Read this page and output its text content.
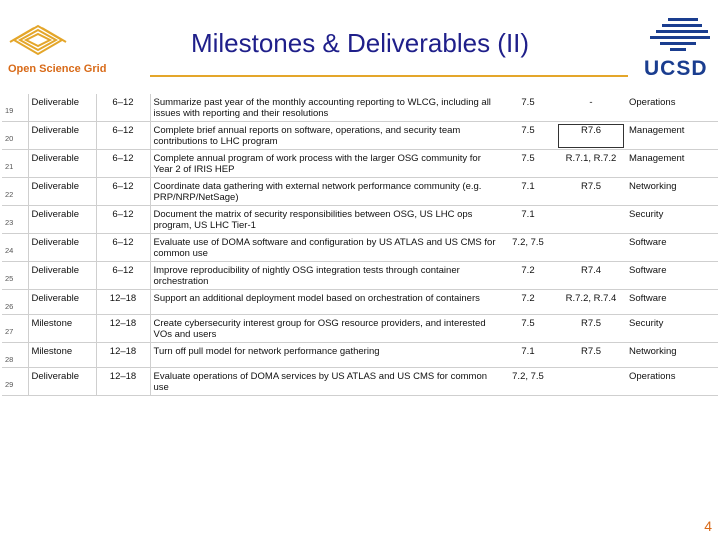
Open Science Grid
Milestones & Deliverables (II)
UCSD
19	Deliverable	6–12	Summarize past year of the monthly accounting reporting to WLCG, including all issues with reporting and their resolutions	7.5	-	Operations
20	Deliverable	6–12	Complete brief annual reports on software, operations, and security team contributions to LHC program	7.5	R7.6	Management
21	Deliverable	6–12	Complete annual program of work process with the larger OSG community for Year 2 of IRIS HEP	7.5	R.7.1, R.7.2	Management
22	Deliverable	6–12	Coordinate data gathering with external network performance community (e.g. PRP/NRP/NetSage)	7.1	R7.5	Networking
23	Deliverable	6–12	Document the matrix of security responsibilities between OSG, US LHC ops program, US LHC Tier-1	7.1		Security
24	Deliverable	6–12	Evaluate use of DOMA software and configuration by US ATLAS and US CMS for common use	7.2, 7.5		Software
25	Deliverable	6–12	Improve reproducibility of nightly OSG integration tests through container orchestration	7.2	R7.4	Software
26	Deliverable	12–18	Support an additional deployment model based on orchestration of containers	7.2	R.7.2, R.7.4	Software
27	Milestone	12–18	Create cybersecurity interest group for OSG resource providers, and interested VOs and users	7.5	R7.5	Security
28	Milestone	12–18	Turn off pull model for network performance gathering	7.1	R7.5	Networking
29	Deliverable	12–18	Evaluate operations of DOMA services by US ATLAS and US CMS for common use	7.2, 7.5		Operations
4
